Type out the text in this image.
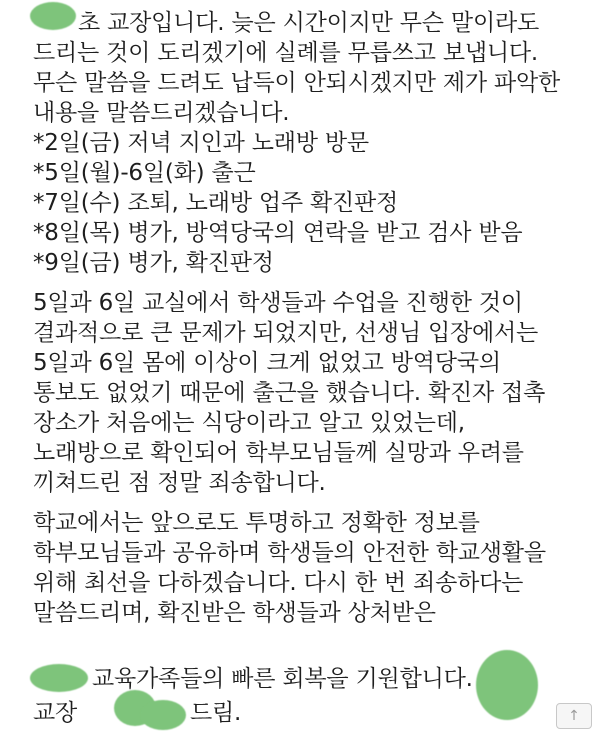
초 교장입니다. 늦은 시간이지만 무슨 말이라도
드리는 것이 도리겠기에 실례를 무릅쓰고 보냅니다.
무슨 말씀을 드려도 납득이 안되시겠지만 제가 파악한
내용을 말씀드리겠습니다.
*2일(금) 저녁 지인과 노래방 방문
*5일(월)-6일(화) 출근
*7일(수) 조퇴, 노래방 업주 확진판정
*8일(목) 병가, 방역당국의 연락을 받고 검사 받음
*9일(금) 병가, 확진판정
5일과 6일 교실에서 학생들과 수업을 진행한 것이
결과적으로 큰 문제가 되었지만, 선생님 입장에서는
5일과 6일 몸에 이상이 크게 없었고 방역당국의
통보도 없었기 때문에 출근을 했습니다. 확진자 접촉
장소가 처음에는 식당이라고 알고 있었는데,
노래방으로 확인되어 학부모님들께 실망과 우려를
끼쳐드린 점 정말 죄송합니다.
학교에서는 앞으로도 투명하고 정확한 정보를
학부모님들과 공유하며 학생들의 안전한 학교생활을
위해 최선을 다하겠습니다. 다시 한 번 죄송하다는
말씀드리며, 확진받은 학생들과 상처받은
교육가족들의 빠른 회복을 기원합니다.
교장	드림.	↑
